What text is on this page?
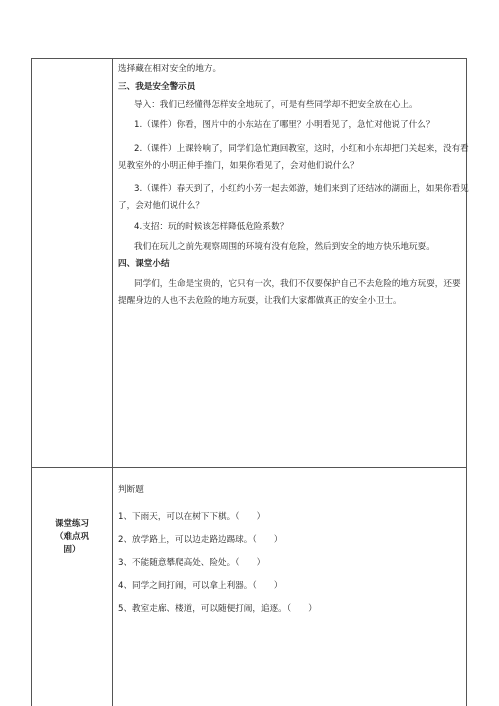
课堂练习
（难点巩
固）
选择藏在相对安全的地方。
三、我是安全警示员
导入：我们已经懂得怎样安全地玩了，可是有些同学却不把安全放在心上。
1.（课件）你看，图片中的小东站在了哪里？小明看见了，急忙对他说了什么？
2.（课件）上课铃响了，同学们急忙跑回教室，这时，小红和小东却把门关起来，没有看
见教室外的小明正伸手推门，如果你看见了，会对他们说什么？
3.（课件）春天到了，小红约小芳一起去郊游，她们来到了还结冰的湖面上，如果你看见
了，会对他们说什么？
4.支招：玩的时候该怎样降低危险系数？
我们在玩儿之前先观察周围的环境有没有危险，然后到安全的地方快乐地玩耍。
四、课堂小结
同学们，生命是宝贵的，它只有一次，我们不仅要保护自己不去危险的地方玩耍，还要
提醒身边的人也不去危险的地方玩耍，让我们大家都做真正的安全小卫士。
判断题
1、下雨天，可以在树下下棋。（　　）
2、放学路上，可以边走路边踢球。（　　）
3、不能随意攀爬高处、险处。（　　）
4、同学之间打闹，可以拿上利器。（　　）
5、教室走廊、楼道，可以随便打闹，追逐。（　　）
